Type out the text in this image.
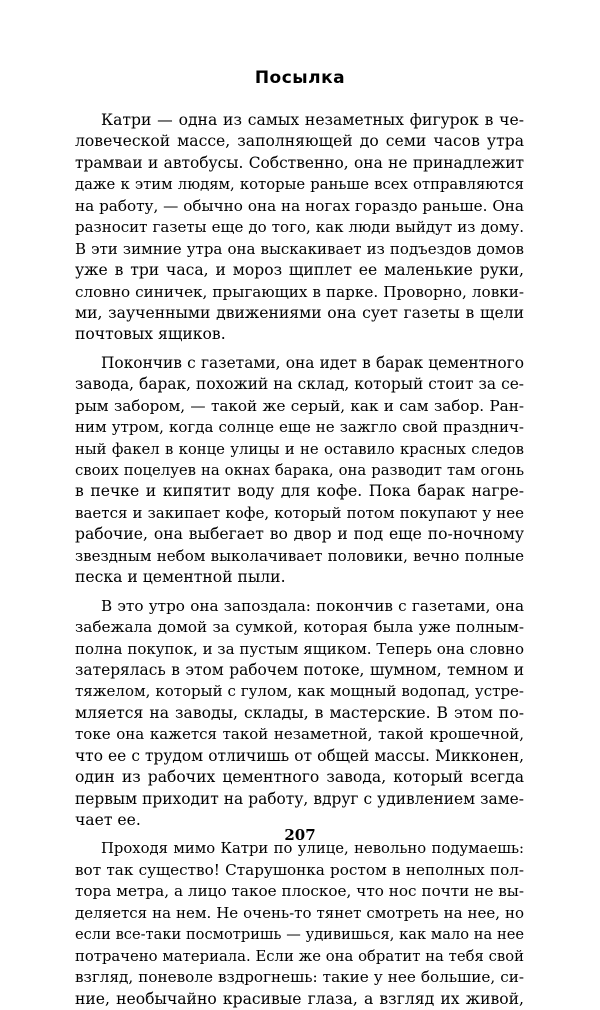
Посылка
Катри — одна из самых незаметных фигурок в че-
ловеческой массе, заполняющей до семи часов утра
трамваи и автобусы. Собственно, она не принадлежит
даже к этим людям, которые раньше всех отправляются
на работу, — обычно она на ногах гораздо раньше. Она
разносит газеты еще до того, как люди выйдут из дому.
В эти зимние утра она выскакивает из подъездов домов
уже в три часа, и мороз щиплет ее маленькие руки,
словно синичек, прыгающих в парке. Проворно, ловки-
ми, заученными движениями она сует газеты в щели
почтовых ящиков.
Покончив с газетами, она идет в барак цементного
завода, барак, похожий на склад, который стоит за се-
рым забором, — такой же серый, как и сам забор. Ран-
ним утром, когда солнце еще не зажгло свой празднич-
ный факел в конце улицы и не оставило красных следов
своих поцелуев на окнах барака, она разводит там огонь
в печке и кипятит воду для кофе. Пока барак нагре-
вается и закипает кофе, который потом покупают у нее
рабочие, она выбегает во двор и под еще по-ночному
звездным небом выколачивает половики, вечно полные
песка и цементной пыли.
В это утро она запоздала: покончив с газетами, она
забежала домой за сумкой, которая была уже полным-
полна покупок, и за пустым ящиком. Теперь она словно
затерялась в этом рабочем потоке, шумном, темном и
тяжелом, который с гулом, как мощный водопад, устре-
мляется на заводы, склады, в мастерские. В этом по-
токе она кажется такой незаметной, такой крошечной,
что ее с трудом отличишь от общей массы. Микконен,
один из рабочих цементного завода, который всегда
первым приходит на работу, вдруг с удивлением заме-
чает ее.
Проходя мимо Катри по улице, невольно подумаешь:
вот так существо! Старушонка ростом в неполных пол-
тора метра, а лицо такое плоское, что нос почти не вы-
деляется на нем. Не очень-то тянет смотреть на нее, но
если все-таки посмотришь — удивишься, как мало на нее
потрачено материала. Если же она обратит на тебя свой
взгляд, поневоле вздрогнешь: такие у нее большие, си-
ние, необычайно красивые глаза, а взгляд их живой,
207
